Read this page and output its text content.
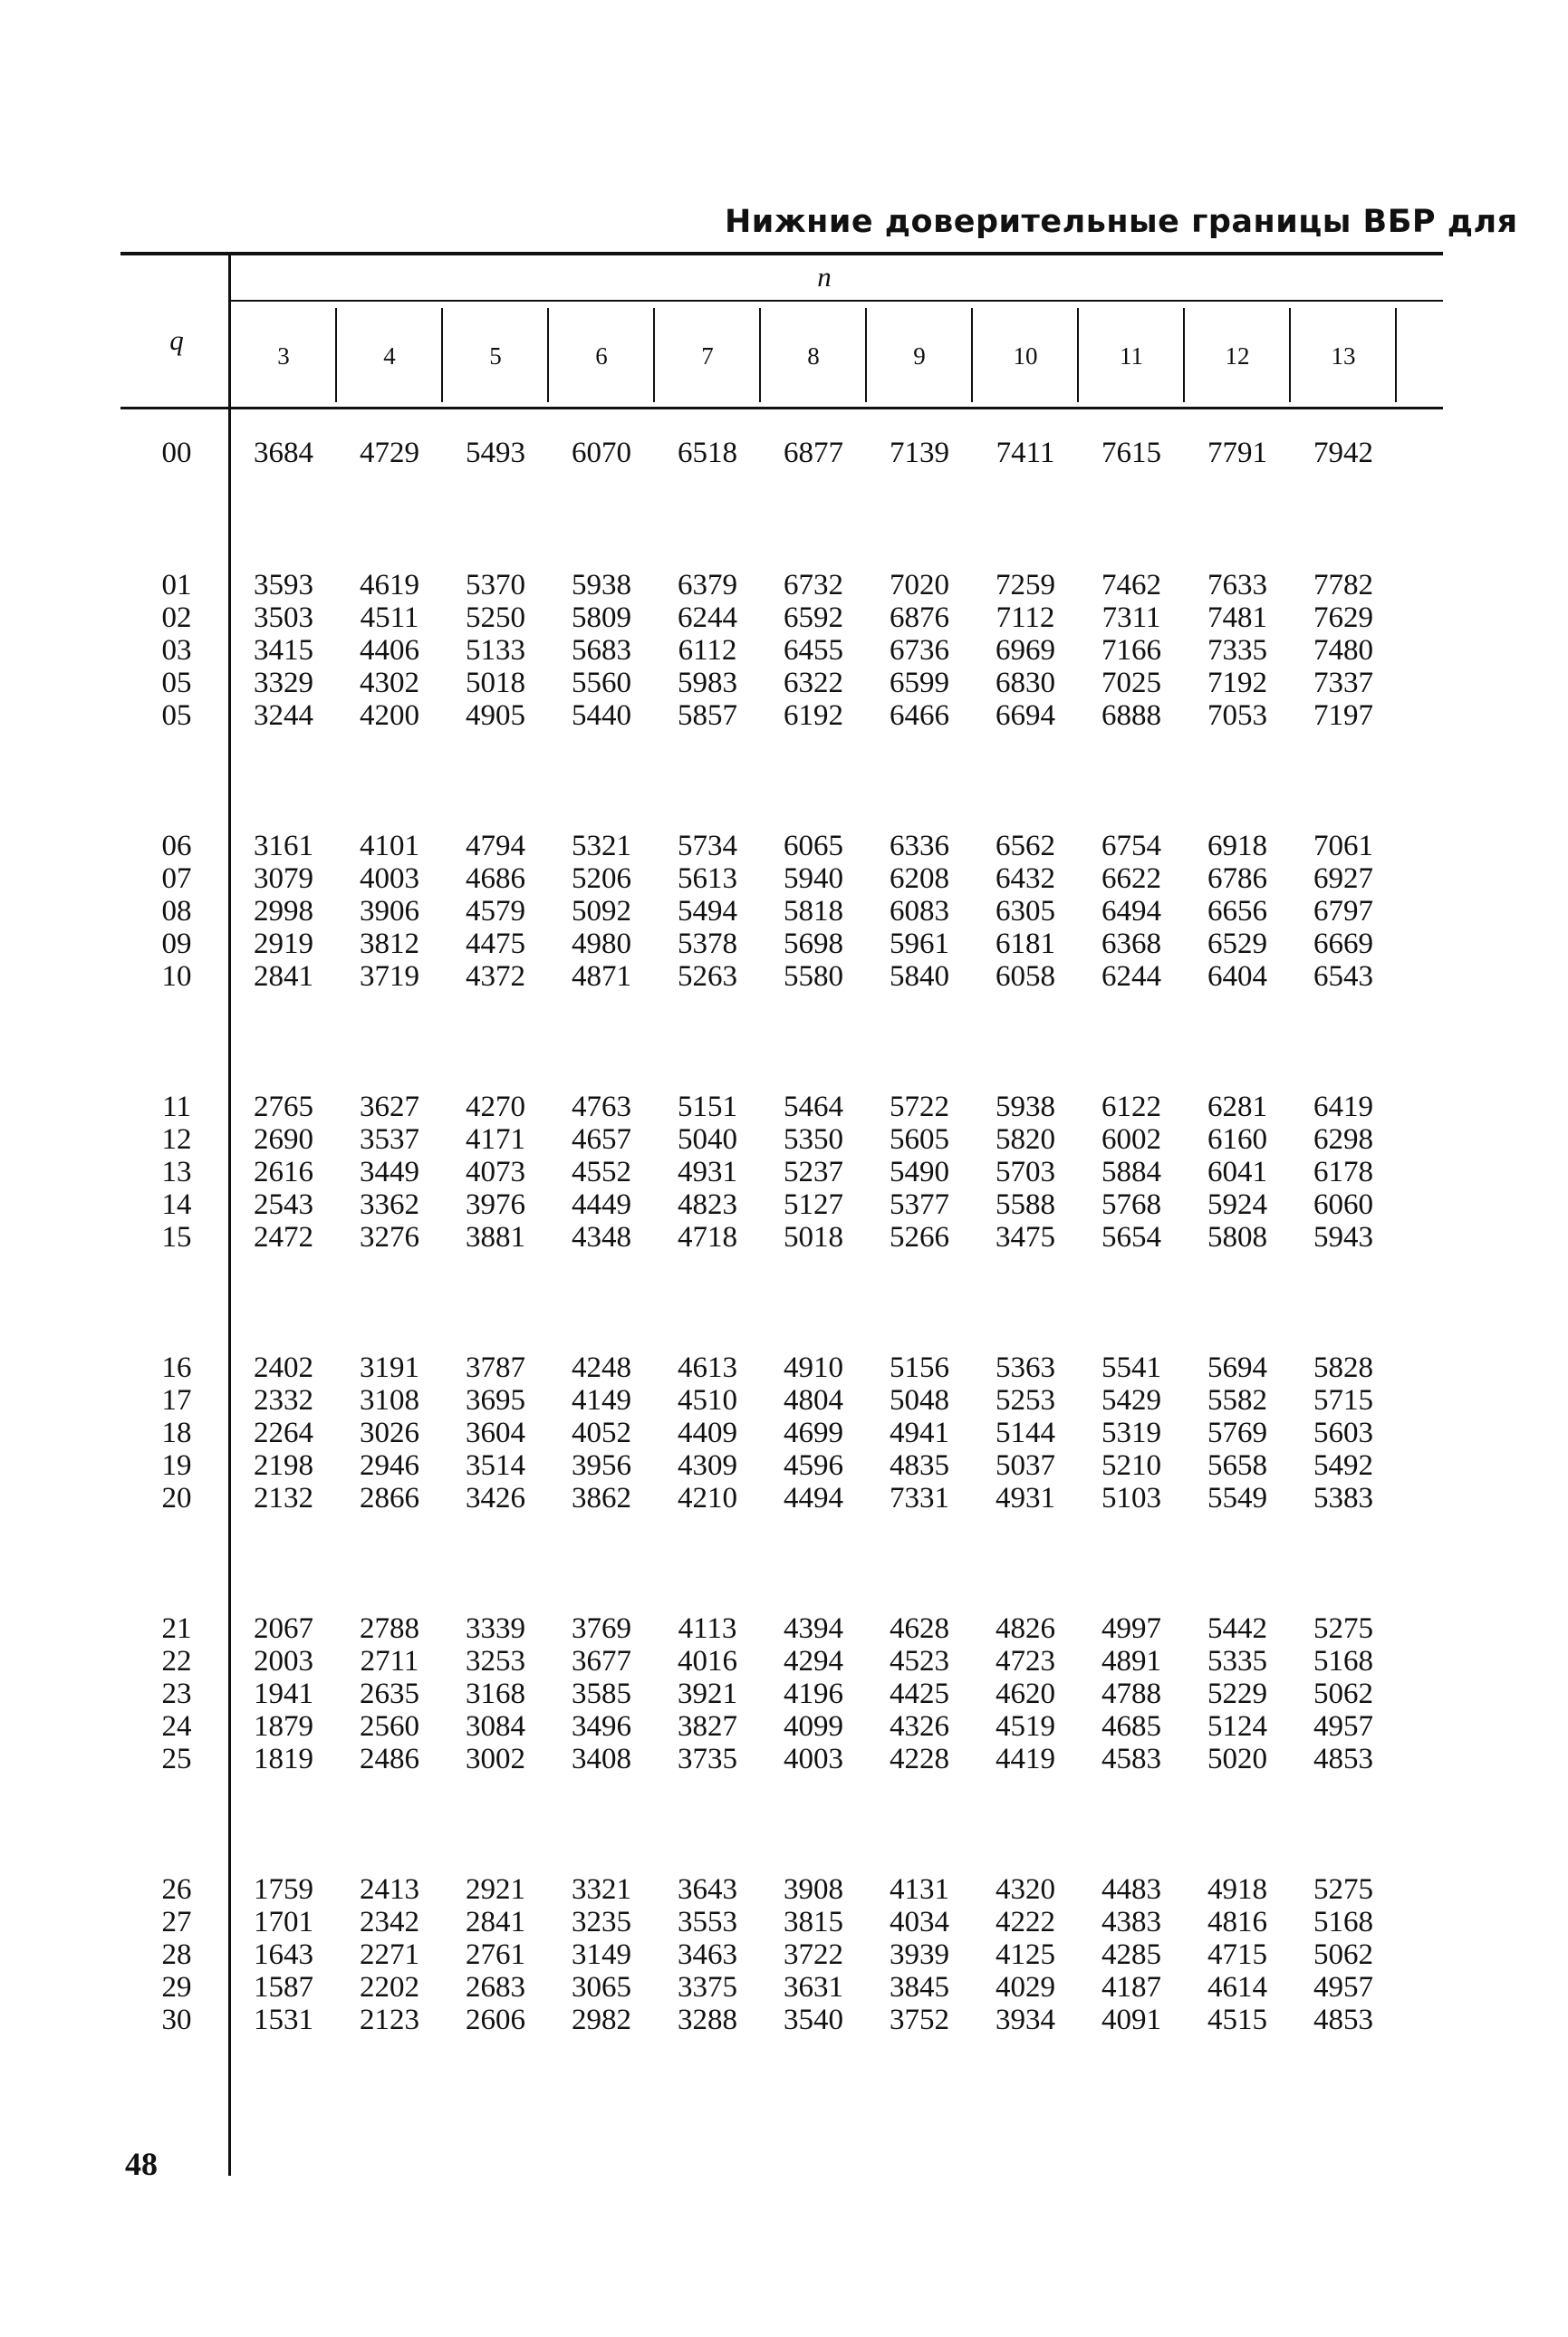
Нижние доверительные границы ВБР для
n
q	3	4	5	6	7	8	9	10	11	12	13
00	3684	4729	5493	6070	6518	6877	7139	7411	7615	7791	7942
01	3593	4619	5370	5938	6379	6732	7020	7259	7462	7633	7782
02	3503	4511	5250	5809	6244	6592	6876	7112	7311	7481	7629
03	3415	4406	5133	5683	6112	6455	6736	6969	7166	7335	7480
05	3329	4302	5018	5560	5983	6322	6599	6830	7025	7192	7337
05	3244	4200	4905	5440	5857	6192	6466	6694	6888	7053	7197
06	3161	4101	4794	5321	5734	6065	6336	6562	6754	6918	7061
07	3079	4003	4686	5206	5613	5940	6208	6432	6622	6786	6927
08	2998	3906	4579	5092	5494	5818	6083	6305	6494	6656	6797
09	2919	3812	4475	4980	5378	5698	5961	6181	6368	6529	6669
10	2841	3719	4372	4871	5263	5580	5840	6058	6244	6404	6543
11	2765	3627	4270	4763	5151	5464	5722	5938	6122	6281	6419
12	2690	3537	4171	4657	5040	5350	5605	5820	6002	6160	6298
13	2616	3449	4073	4552	4931	5237	5490	5703	5884	6041	6178
14	2543	3362	3976	4449	4823	5127	5377	5588	5768	5924	6060
15	2472	3276	3881	4348	4718	5018	5266	3475	5654	5808	5943
16	2402	3191	3787	4248	4613	4910	5156	5363	5541	5694	5828
17	2332	3108	3695	4149	4510	4804	5048	5253	5429	5582	5715
18	2264	3026	3604	4052	4409	4699	4941	5144	5319	5769	5603
19	2198	2946	3514	3956	4309	4596	4835	5037	5210	5658	5492
20	2132	2866	3426	3862	4210	4494	7331	4931	5103	5549	5383
21	2067	2788	3339	3769	4113	4394	4628	4826	4997	5442	5275
22	2003	2711	3253	3677	4016	4294	4523	4723	4891	5335	5168
23	1941	2635	3168	3585	3921	4196	4425	4620	4788	5229	5062
24	1879	2560	3084	3496	3827	4099	4326	4519	4685	5124	4957
25	1819	2486	3002	3408	3735	4003	4228	4419	4583	5020	4853
26	1759	2413	2921	3321	3643	3908	4131	4320	4483	4918	5275
27	1701	2342	2841	3235	3553	3815	4034	4222	4383	4816	5168
28	1643	2271	2761	3149	3463	3722	3939	4125	4285	4715	5062
29	1587	2202	2683	3065	3375	3631	3845	4029	4187	4614	4957
30	1531	2123	2606	2982	3288	3540	3752	3934	4091	4515	4853
48
